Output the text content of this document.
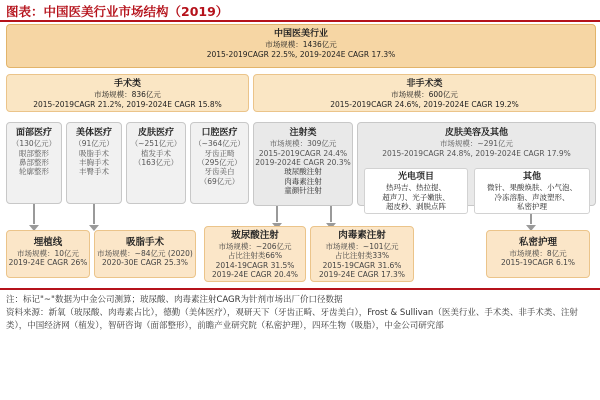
图表：中国医美行业市场结构（2019）
中国医美行业
市场规模：1436亿元
2015-2019CAGR 22.5%, 2019-2024E CAGR 17.3%
手术类
市场规模：836亿元
2015-2019CAGR 21.2%, 2019-2024E CAGR 15.8%
非手术类
市场规模：600亿元
2015-2019CAGR 24.6%, 2019-2024E CAGR 19.2%
面部医疗
（130亿元）
眼部整形
鼻部整形
轮廓整形
美体医疗
（91亿元）
吸脂手术
丰胸手术
丰臀手术
皮肤医疗
（~251亿元）
植发手术
（163亿元）
口腔医疗
（~364亿元）
牙齿正畸
（295亿元）
牙齿美白
（69亿元）
注射类
市场规模：309亿元
2015-2019CAGR 24.4%
2019-2024E CAGR 20.3%
玻尿酸注射
肉毒素注射
童颜针注射
皮肤美容及其他
市场规模：~291亿元
2015-2019CAGR 24.8%, 2019-2024E CAGR 17.9%
光电项目
热玛吉、热拉提、
超声刀、光子嫩肤、
超皮秒、剥脱点阵
其他
微针、果酸焕肤、小气泡、
冷冻溶脂、声波塑形、
私密护理
埋植线
市场规模：10亿元
2019-24E CAGR 26%
吸脂手术
市场规模：~84亿元 (2020)
2020-30E CAGR 25.3%
玻尿酸注射
市场规模：~206亿元
占比注射类66%
2014-19CAGR 31.5%
2019-24E CAGR 20.4%
肉毒素注射
市场规模：~101亿元
占比注射类33%
2015-19CAGR 31.6%
2019-24E CAGR 17.3%
私密护理
市场规模：8亿元
2015-19CAGR 6.1%
注：标记"~"数据为中金公司测算；玻尿酸、肉毒素注射CAGR为针剂市场出厂价口径数据
资料来源：新氧（玻尿酸、肉毒素占比），德勤（美体医疗），观研天下（牙齿正畸、牙齿美白），Frost & Sullivan（医美行业、手术类、非手术类、注射类），中国经济网（植发），智研咨询（面部整形），前瞻产业研究院（私密护理），四环生物（吸脂），中金公司研究部
